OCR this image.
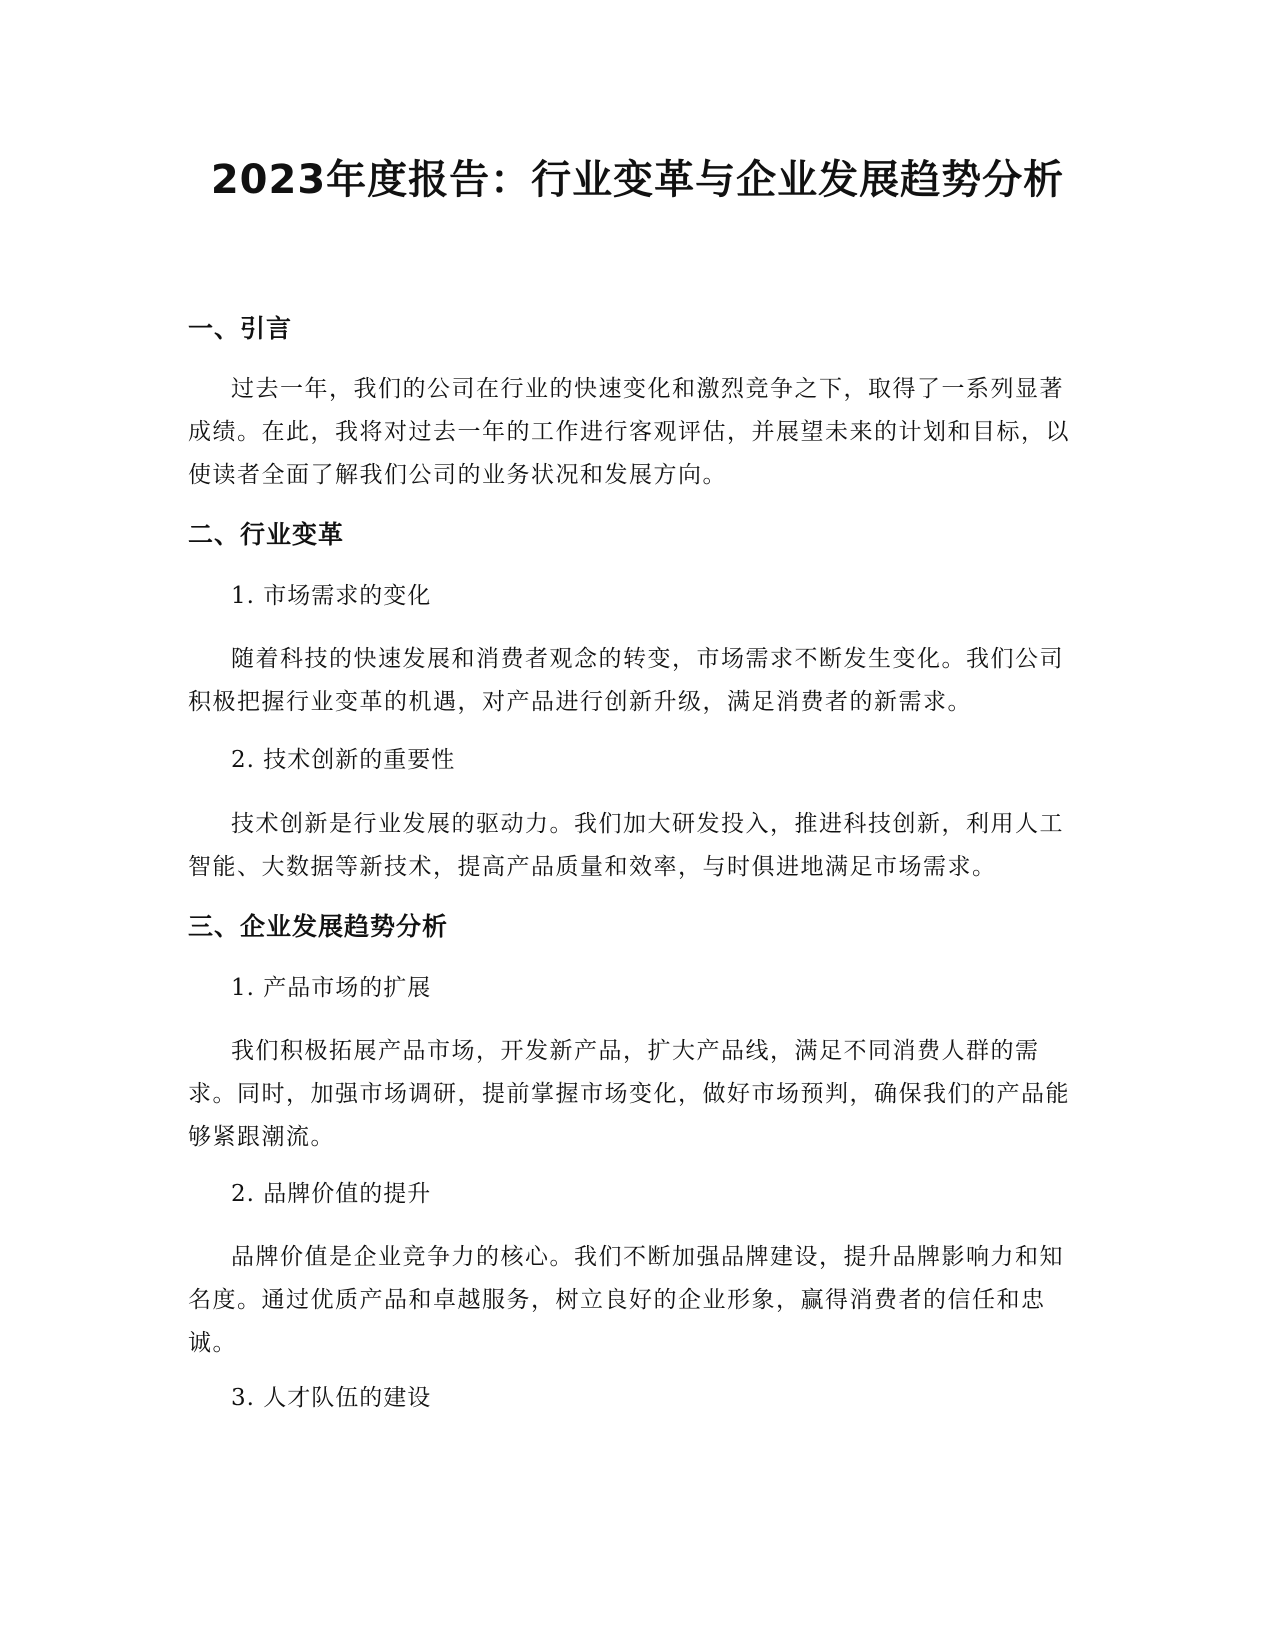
2023年度报告：行业变革与企业发展趋势分析
一、引言

过去一年，我们的公司在行业的快速变化和激烈竞争之下，取得了一系列显著成绩。在此，我将对过去一年的工作进行客观评估，并展望未来的计划和目标，以使读者全面了解我们公司的业务状况和发展方向。

二、行业变革

1. 市场需求的变化

随着科技的快速发展和消费者观念的转变，市场需求不断发生变化。我们公司积极把握行业变革的机遇，对产品进行创新升级，满足消费者的新需求。

2. 技术创新的重要性

技术创新是行业发展的驱动力。我们加大研发投入，推进科技创新，利用人工智能、大数据等新技术，提高产品质量和效率，与时俱进地满足市场需求。

三、企业发展趋势分析

1. 产品市场的扩展

我们积极拓展产品市场，开发新产品，扩大产品线，满足不同消费人群的需求。同时，加强市场调研，提前掌握市场变化，做好市场预判，确保我们的产品能够紧跟潮流。

2. 品牌价值的提升

品牌价值是企业竞争力的核心。我们不断加强品牌建设，提升品牌影响力和知名度。通过优质产品和卓越服务，树立良好的企业形象，赢得消费者的信任和忠诚。

3. 人才队伍的建设
